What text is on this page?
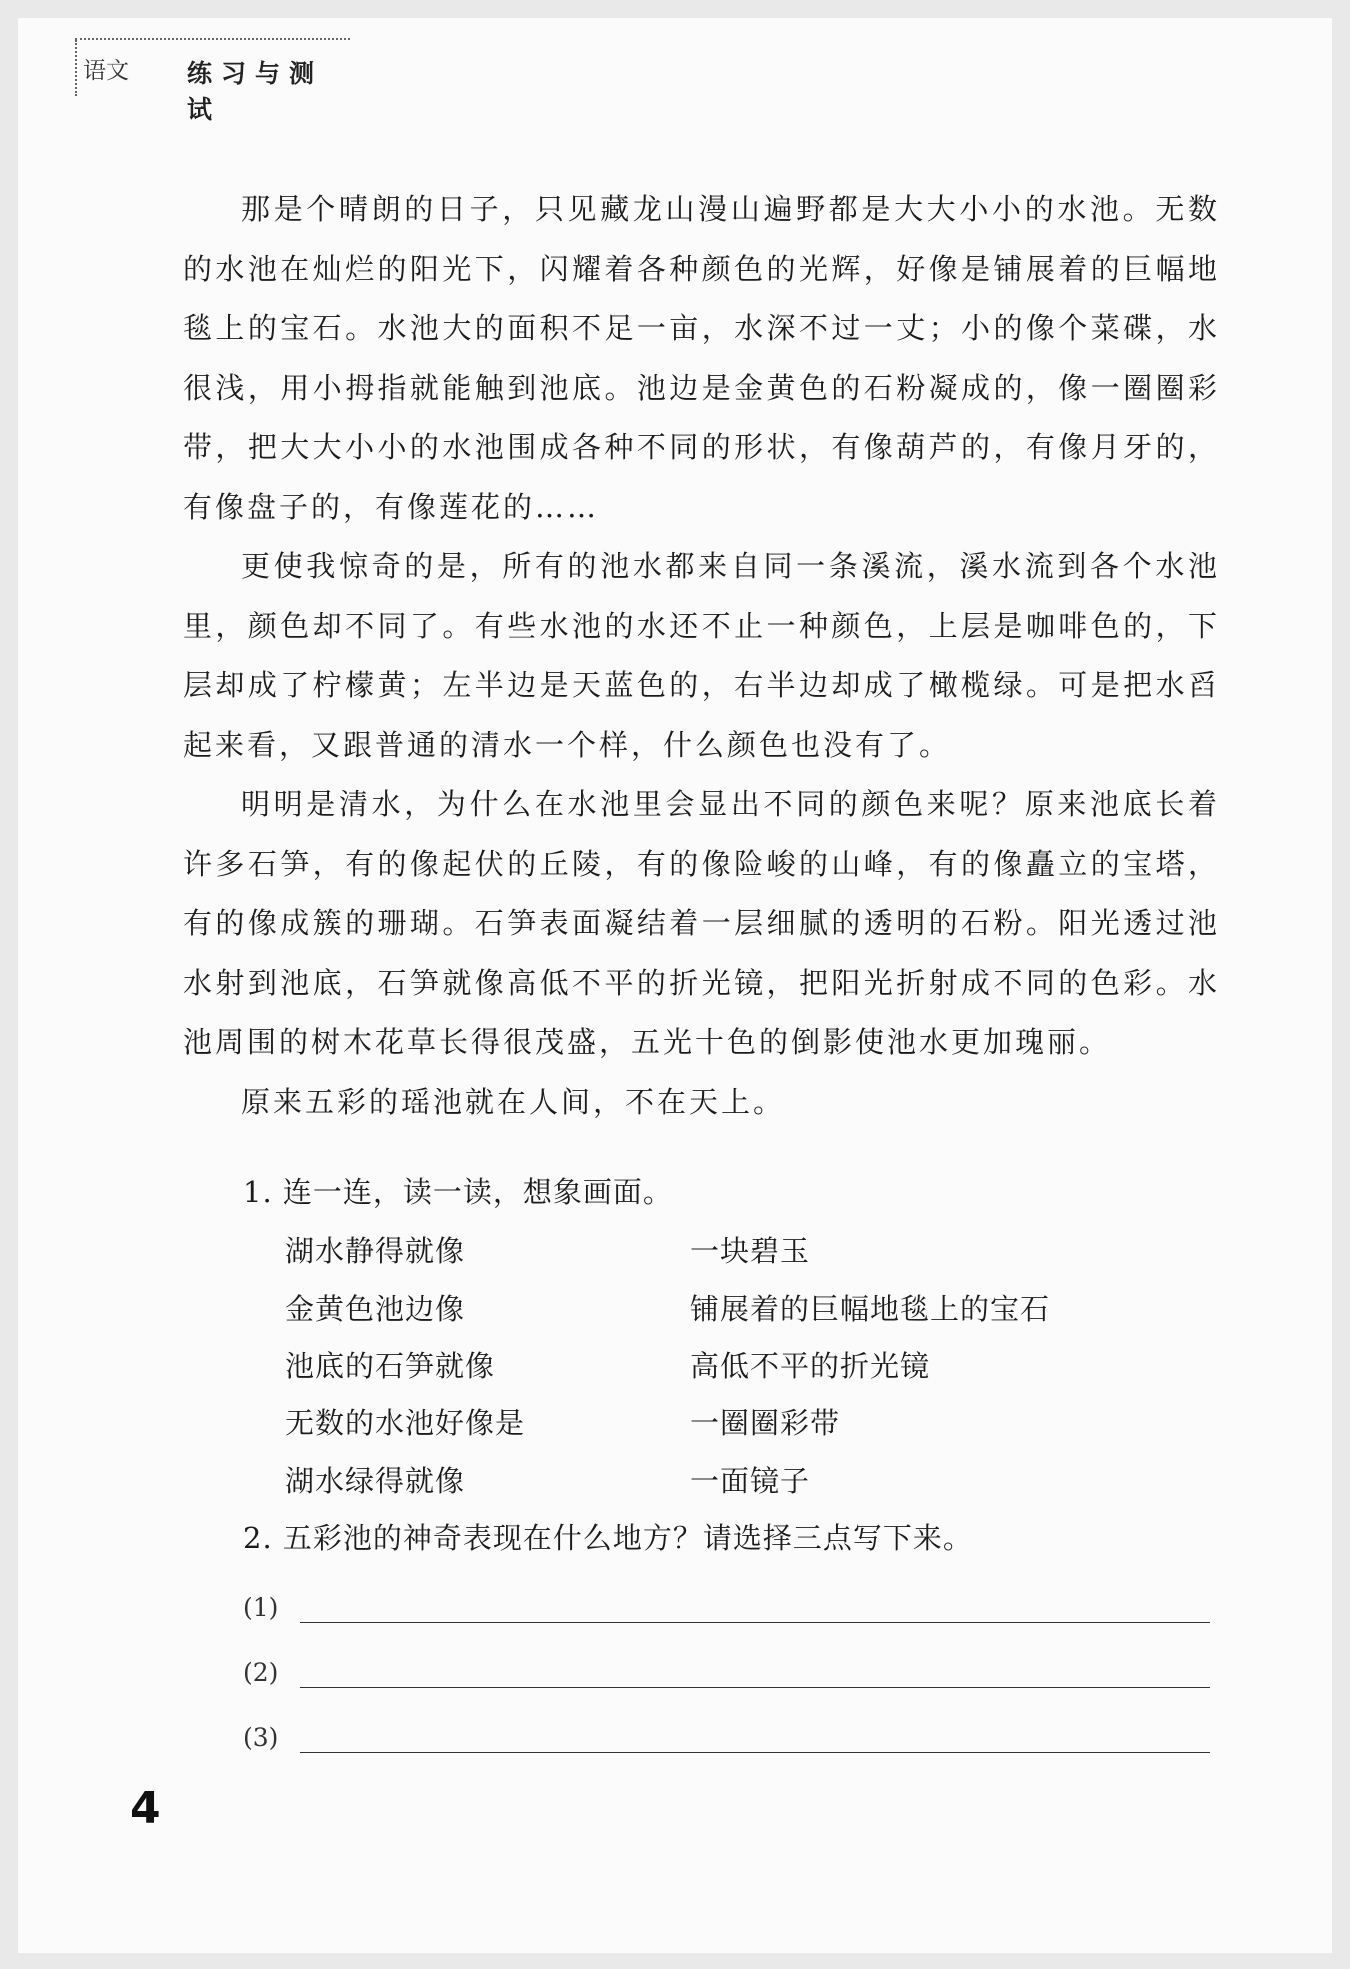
语文 练习与测试

那是个晴朗的日子，只见藏龙山漫山遍野都是大大小小的水池。无数的水池在灿烂的阳光下，闪耀着各种颜色的光辉，好像是铺展着的巨幅地毯上的宝石。水池大的面积不足一亩，水深不过一丈；小的像个菜碟，水很浅，用小拇指就能触到池底。池边是金黄色的石粉凝成的，像一圈圈彩带，把大大小小的水池围成各种不同的形状，有像葫芦的，有像月牙的，有像盘子的，有像莲花的……

更使我惊奇的是，所有的池水都来自同一条溪流，溪水流到各个水池里，颜色却不同了。有些水池的水还不止一种颜色，上层是咖啡色的，下层却成了柠檬黄；左半边是天蓝色的，右半边却成了橄榄绿。可是把水舀起来看，又跟普通的清水一个样，什么颜色也没有了。

明明是清水，为什么在水池里会显出不同的颜色来呢？原来池底长着许多石笋，有的像起伏的丘陵，有的像险峻的山峰，有的像矗立的宝塔，有的像成簇的珊瑚。石笋表面凝结着一层细腻的透明的石粉。阳光透过池水射到池底，石笋就像高低不平的折光镜，把阳光折射成不同的色彩。水池周围的树木花草长得很茂盛，五光十色的倒影使池水更加瑰丽。

原来五彩的瑶池就在人间，不在天上。

1. 连一连，读一读，想象画面。
湖水静得就像
金黄色池边像
池底的石笋就像
无数的水池好像是
湖水绿得就像
一块碧玉
铺展着的巨幅地毯上的宝石
高低不平的折光镜
一圈圈彩带
一面镜子
2. 五彩池的神奇表现在什么地方？请选择三点写下来。
(1)
(2)
(3)
4
